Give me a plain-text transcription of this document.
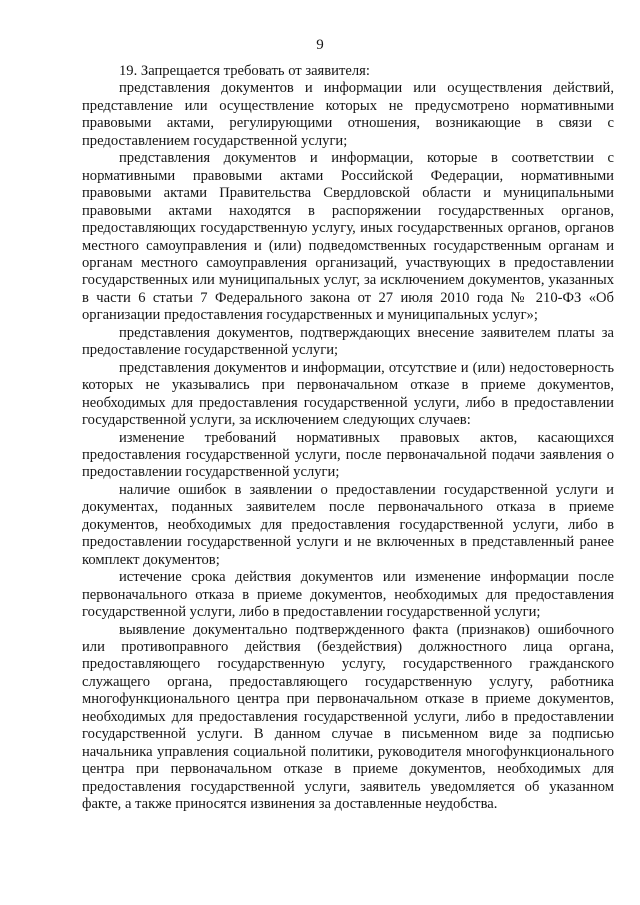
9

19. Запрещается требовать от заявителя:

представления документов и информации или осуществления действий, представление или осуществление которых не предусмотрено нормативными правовыми актами, регулирующими отношения, возникающие в связи с предоставлением государственной услуги;

представления документов и информации, которые в соответствии с нормативными правовыми актами Российской Федерации, нормативными правовыми актами Правительства Свердловской области и муниципальными правовыми актами находятся в распоряжении государственных органов, предоставляющих государственную услугу, иных государственных органов, органов местного самоуправления и (или) подведомственных государственным органам и органам местного самоуправления организаций, участвующих в предоставлении государственных или муниципальных услуг, за исключением документов, указанных в части 6 статьи 7 Федерального закона от 27 июля 2010 года № 210-ФЗ «Об организации предоставления государственных и муниципальных услуг»;

представления документов, подтверждающих внесение заявителем платы за предоставление государственной услуги;

представления документов и информации, отсутствие и (или) недостоверность которых не указывались при первоначальном отказе в приеме документов, необходимых для предоставления государственной услуги, либо в предоставлении государственной услуги, за исключением следующих случаев:

изменение требований нормативных правовых актов, касающихся предоставления государственной услуги, после первоначальной подачи заявления о предоставлении государственной услуги;

наличие ошибок в заявлении о предоставлении государственной услуги и документах, поданных заявителем после первоначального отказа в приеме документов, необходимых для предоставления государственной услуги, либо в предоставлении государственной услуги и не включенных в представленный ранее комплект документов;

истечение срока действия документов или изменение информации после первоначального отказа в приеме документов, необходимых для предоставления государственной услуги, либо в предоставлении государственной услуги;

выявление документально подтвержденного факта (признаков) ошибочного или противоправного действия (бездействия) должностного лица органа, предоставляющего государственную услугу, государственного гражданского служащего органа, предоставляющего государственную услугу, работника многофункционального центра при первоначальном отказе в приеме документов, необходимых для предоставления государственной услуги, либо в предоставлении государственной услуги. В данном случае в письменном виде за подписью начальника управления социальной политики, руководителя многофункционального центра при первоначальном отказе в приеме документов, необходимых для предоставления государственной услуги, заявитель уведомляется об указанном факте, а также приносятся извинения за доставленные неудобства.
